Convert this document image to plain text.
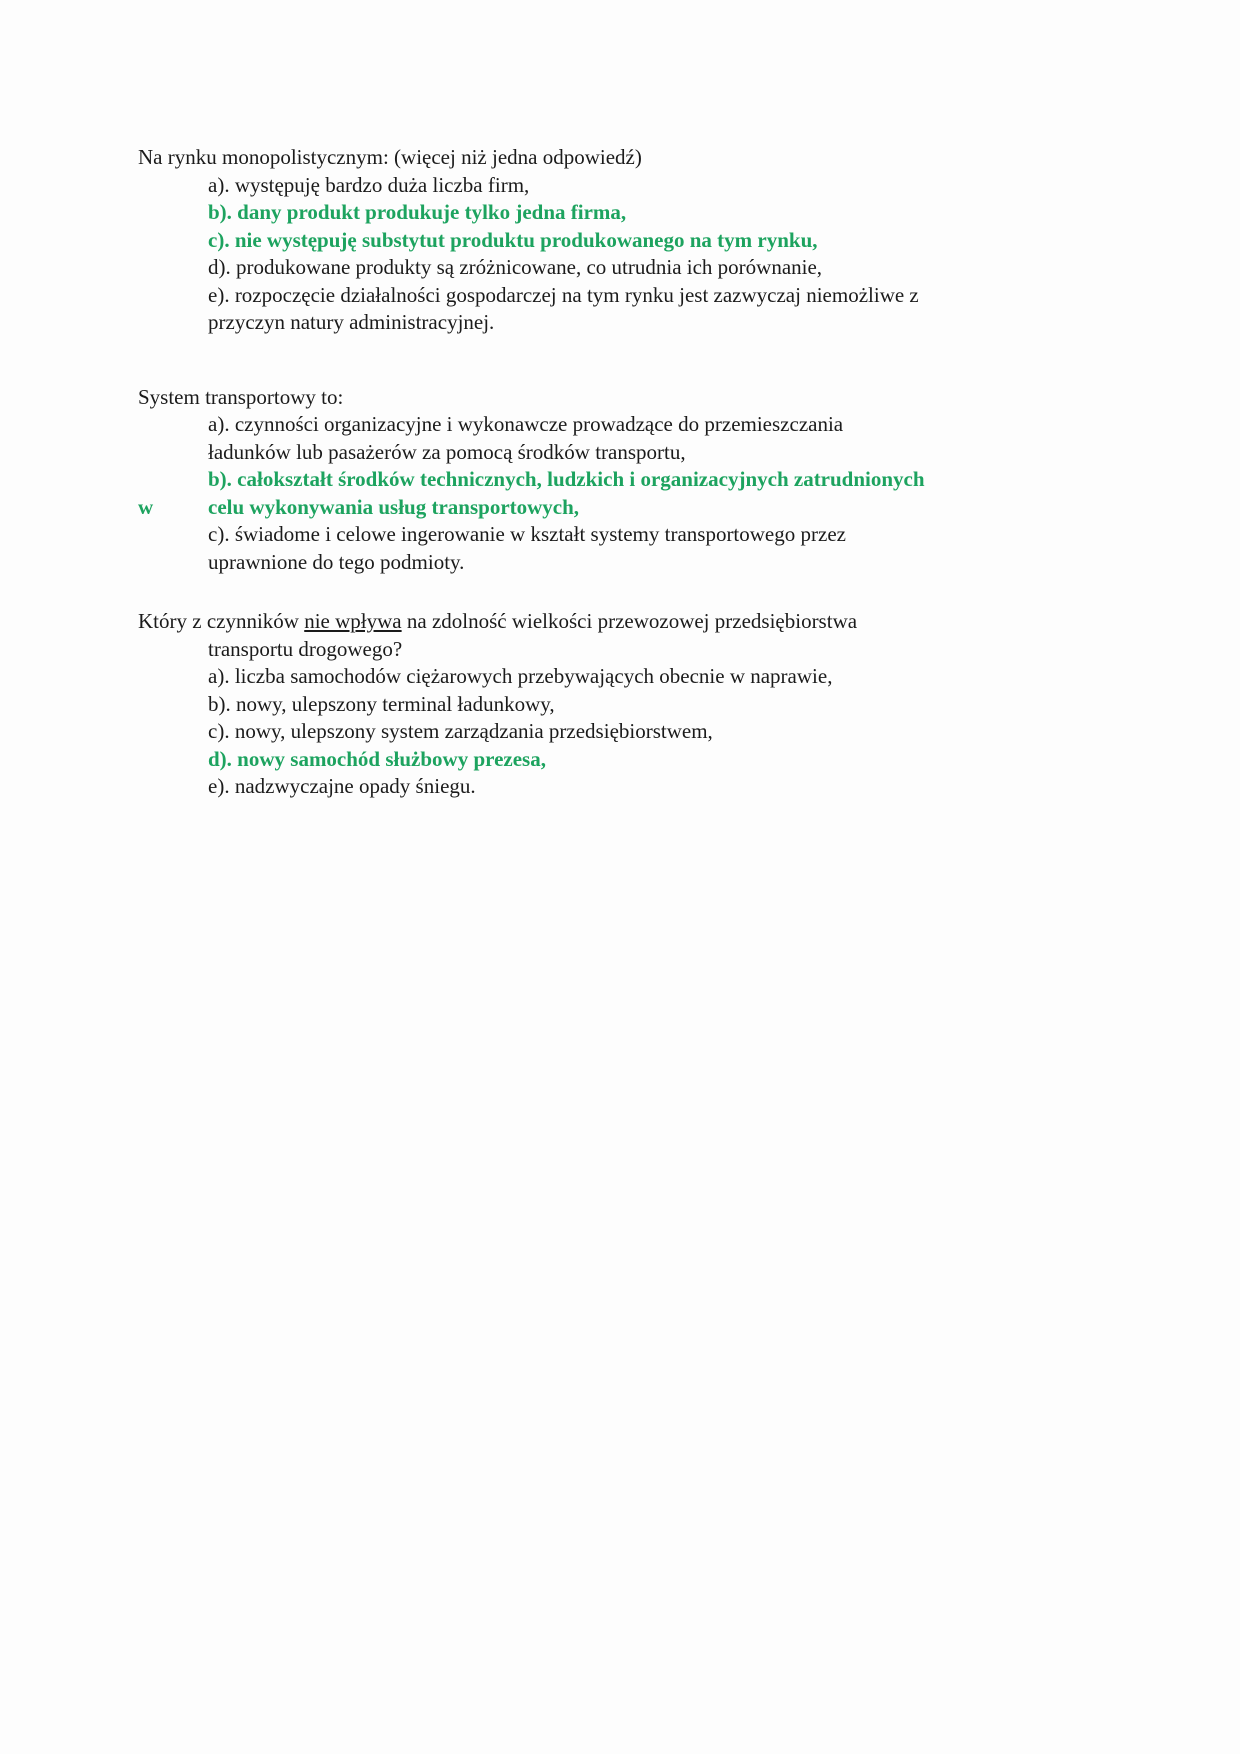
Na rynku monopolistycznym: (więcej niż jedna odpowiedź)
a). występuję bardzo duża liczba firm,
b). dany produkt produkuje tylko jedna firma,
c). nie występuję substytut produktu produkowanego na tym rynku,
d). produkowane produkty są zróżnicowane, co utrudnia ich porównanie,
e). rozpoczęcie działalności gospodarczej na tym rynku jest zazwyczaj niemożliwe z
przyczyn natury administracyjnej.
System transportowy to:
a). czynności organizacyjne i wykonawcze prowadzące do przemieszczania
ładunków lub pasażerów za pomocą środków transportu,
b). całokształt środków technicznych, ludzkich i organizacyjnych zatrudnionych
w	celu wykonywania usług transportowych,
c). świadome i celowe ingerowanie w kształt systemy transportowego przez
uprawnione do tego podmioty.
Który z czynników nie wpływa na zdolność wielkości przewozowej przedsiębiorstwa
transportu drogowego?
a). liczba samochodów ciężarowych przebywających obecnie w naprawie,
b). nowy, ulepszony terminal ładunkowy,
c). nowy, ulepszony system zarządzania przedsiębiorstwem,
d). nowy samochód służbowy prezesa,
e). nadzwyczajne opady śniegu.
